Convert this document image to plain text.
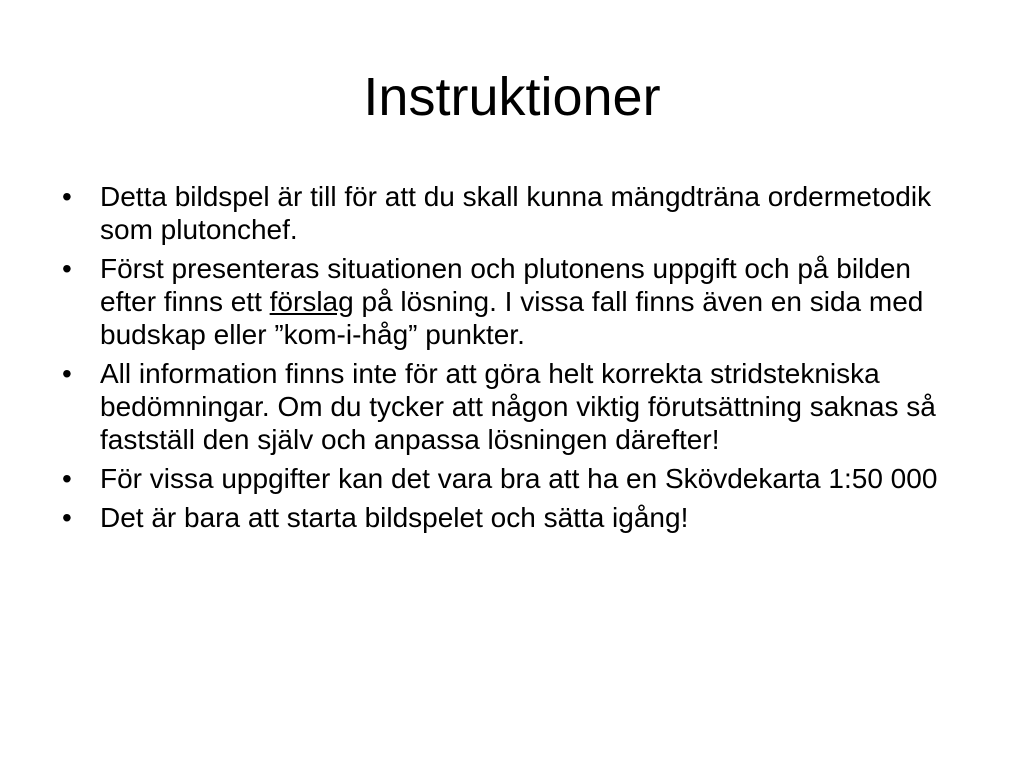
Instruktioner
•	Detta bildspel är till för att du skall kunna mängdträna ordermetodik som plutonchef.
•	Först presenteras situationen och plutonens uppgift och på bilden efter finns ett förslag på lösning. I vissa fall finns även en sida med budskap eller ”kom-i-håg” punkter.
•	All information finns inte för att göra helt korrekta stridstekniska bedömningar. Om du tycker att någon viktig förutsättning saknas så fastställ den själv och anpassa lösningen därefter!
•	För vissa uppgifter kan det vara bra att ha en Skövdekarta 1:50 000
•	Det är bara att starta bildspelet och sätta igång!
